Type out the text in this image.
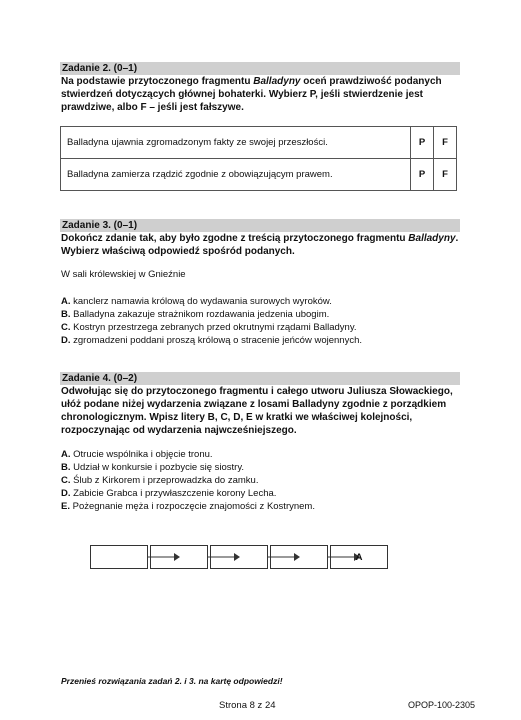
Zadanie 2. (0–1)
Na podstawie przytoczonego fragmentu Balladyny oceń prawdziwość podanych stwierdzeń dotyczących głównej bohaterki. Wybierz P, jeśli stwierdzenie jest prawdziwe, albo F – jeśli jest fałszywe.
Balladyna ujawnia zgromadzonym fakty ze swojej przeszłości.	P	F
Balladyna zamierza rządzić zgodnie z obowiązującym prawem.	P	F
Zadanie 3. (0–1)
Dokończ zdanie tak, aby było zgodne z treścią przytoczonego fragmentu Balladyny. Wybierz właściwą odpowiedź spośród podanych.
W sali królewskiej w Gnieźnie
A. kanclerz namawia królową do wydawania surowych wyroków.
B. Balladyna zakazuje strażnikom rozdawania jedzenia ubogim.
C. Kostryn przestrzega zebranych przed okrutnymi rządami Balladyny.
D. zgromadzeni poddani proszą królową o stracenie jeńców wojennych.
Zadanie 4. (0–2)
Odwołując się do przytoczonego fragmentu i całego utworu Juliusza Słowackiego, ułóż podane niżej wydarzenia związane z losami Balladyny zgodnie z porządkiem chronologicznym. Wpisz litery B, C, D, E w kratki we właściwej kolejności, rozpoczynając od wydarzenia najwcześniejszego.
A. Otrucie wspólnika i objęcie tronu.
B. Udział w konkursie i pozbycie się siostry.
C. Ślub z Kirkorem i przeprowadzka do zamku.
D. Zabicie Grabca i przywłaszczenie korony Lecha.
E. Pożegnanie męża i rozpoczęcie znajomości z Kostrynem.
A
Przenieś rozwiązania zadań 2. i 3. na kartę odpowiedzi!
Strona 8 z 24	OPOP-100-2305
